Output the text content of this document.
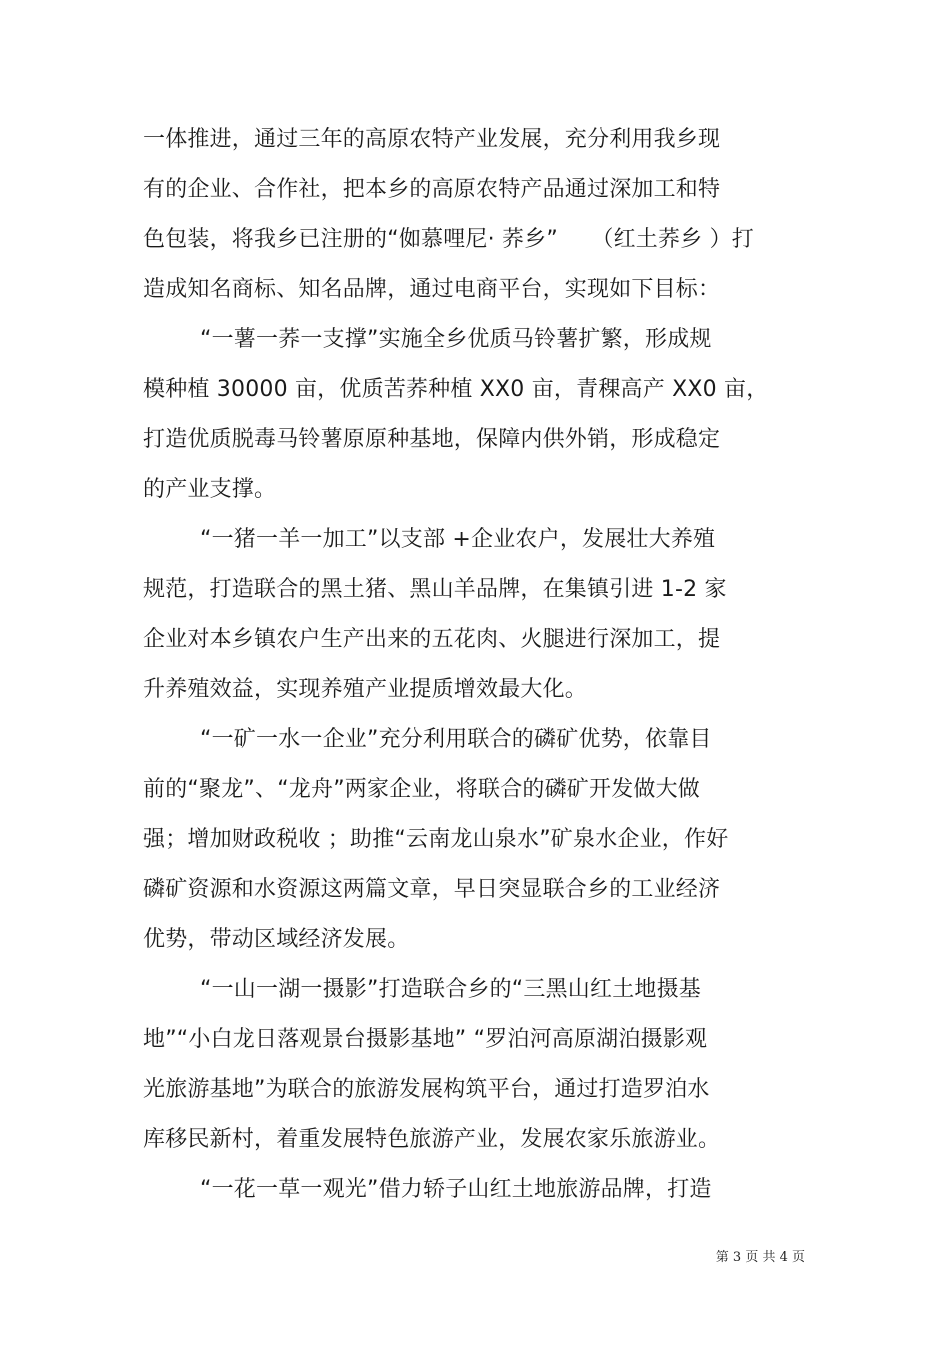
一体推进，通过三年的高原农特产业发展，充分利用我乡现
有的企业、合作社，把本乡的高原农特产品通过深加工和特
色包装，将我乡已注册的“侞慕哩尼· 荞乡”　　（红土荞乡 ）打
造成知名商标、知名品牌，通过电商平台，实现如下目标：
“一薯一荞一支撑”实施全乡优质马铃薯扩繁，形成规
模种植 30000 亩，优质苦荞种植 XX0 亩，青稞高产 XX0 亩，
打造优质脱毒马铃薯原原种基地，保障内供外销，形成稳定
的产业支撑。
“一猪一羊一加工”以支部 +企业农户，发展壮大养殖
规范，打造联合的黑土猪、黑山羊品牌，在集镇引进 1-2 家
企业对本乡镇农户生产出来的五花肉、火腿进行深加工，提
升养殖效益，实现养殖产业提质增效最大化。
“一矿一水一企业”充分利用联合的磷矿优势，依靠目
前的“聚龙”、“龙舟”两家企业，将联合的磷矿开发做大做
强；增加财政税收 ；助推“云南龙山泉水”矿泉水企业，作好
磷矿资源和水资源这两篇文章，早日突显联合乡的工业经济
优势，带动区域经济发展。
“一山一湖一摄影”打造联合乡的“三黑山红土地摄基
地”“小白龙日落观景台摄影基地” “罗泊河高原湖泊摄影观
光旅游基地”为联合的旅游发展构筑平台，通过打造罗泊水
库移民新村，着重发展特色旅游产业，发展农家乐旅游业。
“一花一草一观光”借力轿子山红土地旅游品牌，打造
第 3 页 共 4 页
